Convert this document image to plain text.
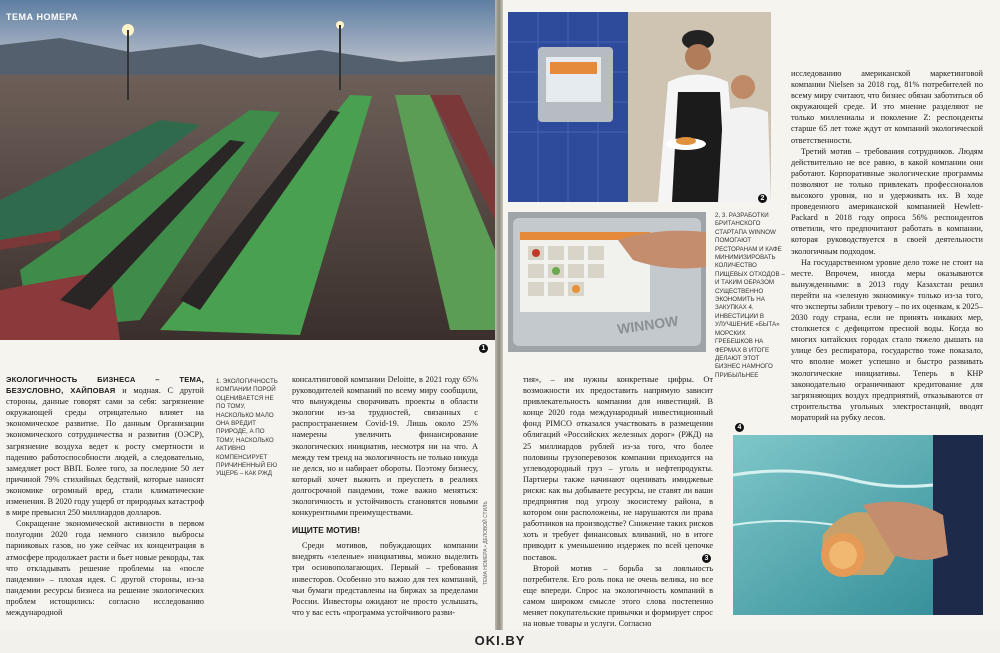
ТЕМА НОМЕРА
1

ЭКОЛОГИЧНОСТЬ БИЗНЕСА – ТЕМА, БЕЗУСЛОВНО, ХАЙПОВАЯ и модная. С другой стороны, данные говорят сами за себя: загрязнение окружающей среды отрицательно влияет на экономическое развитие. По данным Организации экономического сотрудничества и развития (ОЭСР), загрязнение воздуха ведет к росту смертности и падению работоспособности людей, а следовательно, замедляет рост ВВП. Более того, за последние 50 лет причиной 79% стихийных бедствий, которые наносят экономике огромный вред, стали климатические изменения. В 2020 году ущерб от природных катастроф в мире превысил 250 миллиардов долларов.

Сокращение экономической активности в первом полугодии 2020 года немного снизило выбросы парниковых газов, но уже сейчас их концентрация в атмосфере продолжает расти и бьет новые рекорды, так что откладывать решение проблемы на «после пандемии» – плохая идея. С другой стороны, из-за пандемии ресурсы бизнеса на решение экологических проблем истощились: согласно исследованию международной

1. ЭКОЛОГИЧНОСТЬ КОМПАНИИ ПОРОЙ ОЦЕНИВАЕТСЯ НЕ ПО ТОМУ, НАСКОЛЬКО МАЛО ОНА ВРЕДИТ ПРИРОДЕ, А ПО ТОМУ, НАСКОЛЬКО АКТИВНО КОМПЕНСИРУЕТ ПРИЧИНЕННЫЙ ЕЮ УЩЕРБ – КАК РЖД

консалтинговой компании Deloitte, в 2021 году 65% руководителей компаний по всему миру сообщили, что вынуждены сворачивать проекты в области экологии из-за трудностей, связанных с распространением Covid-19. Лишь около 25% намерены увеличить финансирование экологических инициатив, несмотря ни на что. А между тем тренд на экологичность не только никуда не делся, но и набирает обороты. Поэтому бизнесу, который хочет выжить и преуспеть в реалиях долгосрочной пандемии, тоже важно меняться: экологичность и устойчивость становятся новыми конкурентными преимуществами.

ИЩИТЕ МОТИВ!

Среди мотивов, побуждающих компании внедрять «зеленые» инициативы, можно выделить три основополагающих. Первый – требования инвесторов. Особенно это важно для тех компаний, чьи бумаги представлены на биржах за пределами России. Инвесторы ожидают не просто услышать, что у вас есть «программа устойчивого разви-

ТЕМА НОМЕРА • ДЕЛОВОЙ СТИЛЬ
2
WINNOW
3
2, 3. РАЗРАБОТКИ БРИТАНСКОГО СТАРТАПА WINNOW ПОМОГАЮТ РЕСТОРАНАМ И КАФЕ МИНИМИЗИРОВАТЬ КОЛИЧЕСТВО ПИЩЕВЫХ ОТХОДОВ – И ТАКИМ ОБРАЗОМ СУЩЕСТВЕННО ЭКОНОМИТЬ НА ЗАКУПКАХ 4. ИНВЕСТИЦИИ В УЛУЧШЕНИЕ «БЫТА» МОРСКИХ ГРЕБЕШКОВ НА ФЕРМАХ В ИТОГЕ ДЕЛАЮТ ЭТОТ БИЗНЕС НАМНОГО ПРИБЫЛЬНЕЕ
4

тия», – им нужны конкретные цифры. От возможности их предоставить напрямую зависит привлекательность компании для инвестиций. В конце 2020 года международный инвестиционный фонд PIMCO отказался участвовать в размещении облигаций «Российских железных дорог» (РЖД) на 25 миллиардов рублей из-за того, что более половины грузоперевозок компании приходится на углеводородный груз – уголь и нефтепродукты. Партнеры также начинают оценивать имиджевые риски: как вы добываете ресурсы, не ставят ли ваши предприятия под угрозу экосистему района, в котором они расположены, не нарушаются ли права работников на производстве? Снижение таких рисков хоть и требует финансовых вливаний, но в итоге приводит к уменьшению издержек по всей цепочке поставок.

Второй мотив – борьба за лояльность потребителя. Его роль пока не очень велика, но все еще впереди. Спрос на экологичность компаний в самом широком смысле этого слова постепенно меняет покупательские привычки и формирует спрос на новые товары и услуги. Согласно

исследованию американской маркетинговой компании Nielsen за 2018 год, 81% потребителей по всему миру считают, что бизнес обязан заботиться об окружающей среде. И это мнение разделяют не только миллениалы и поколение Z: респонденты старше 65 лет тоже ждут от компаний экологической ответственности.

Третий мотив – требования сотрудников. Людям действительно не все равно, в какой компании они работают. Корпоративные экологические программы позволяют не только привлекать профессионалов высокого уровня, но и удерживать их. В ходе проведенного американской компанией Hewlett-Packard в 2018 году опроса 56% респондентов ответили, что предпочитают работать в компании, которая руководствуется в своей деятельности экологичным подходом.

На государственном уровне дело тоже не стоит на месте. Впрочем, иногда меры оказываются вынужденными: в 2013 году Казахстан решил перейти на «зеленую экономику» только из-за того, что эксперты забили тревогу – по их оценкам, к 2025–2030 году страна, если не принять никаких мер, столкнется с дефицитом пресной воды. Когда во многих китайских городах стало тяжело дышать на улице без респиратора, государство тоже показало, что вполне может успешно и быстро развивать экологические инициативы. Теперь в КНР законодательно ограничивают кредитование для загрязняющих воздух предприятий, отказываются от строительства угольных электростанций, вводят мораторий на рубку лесов.

OKI.BY
